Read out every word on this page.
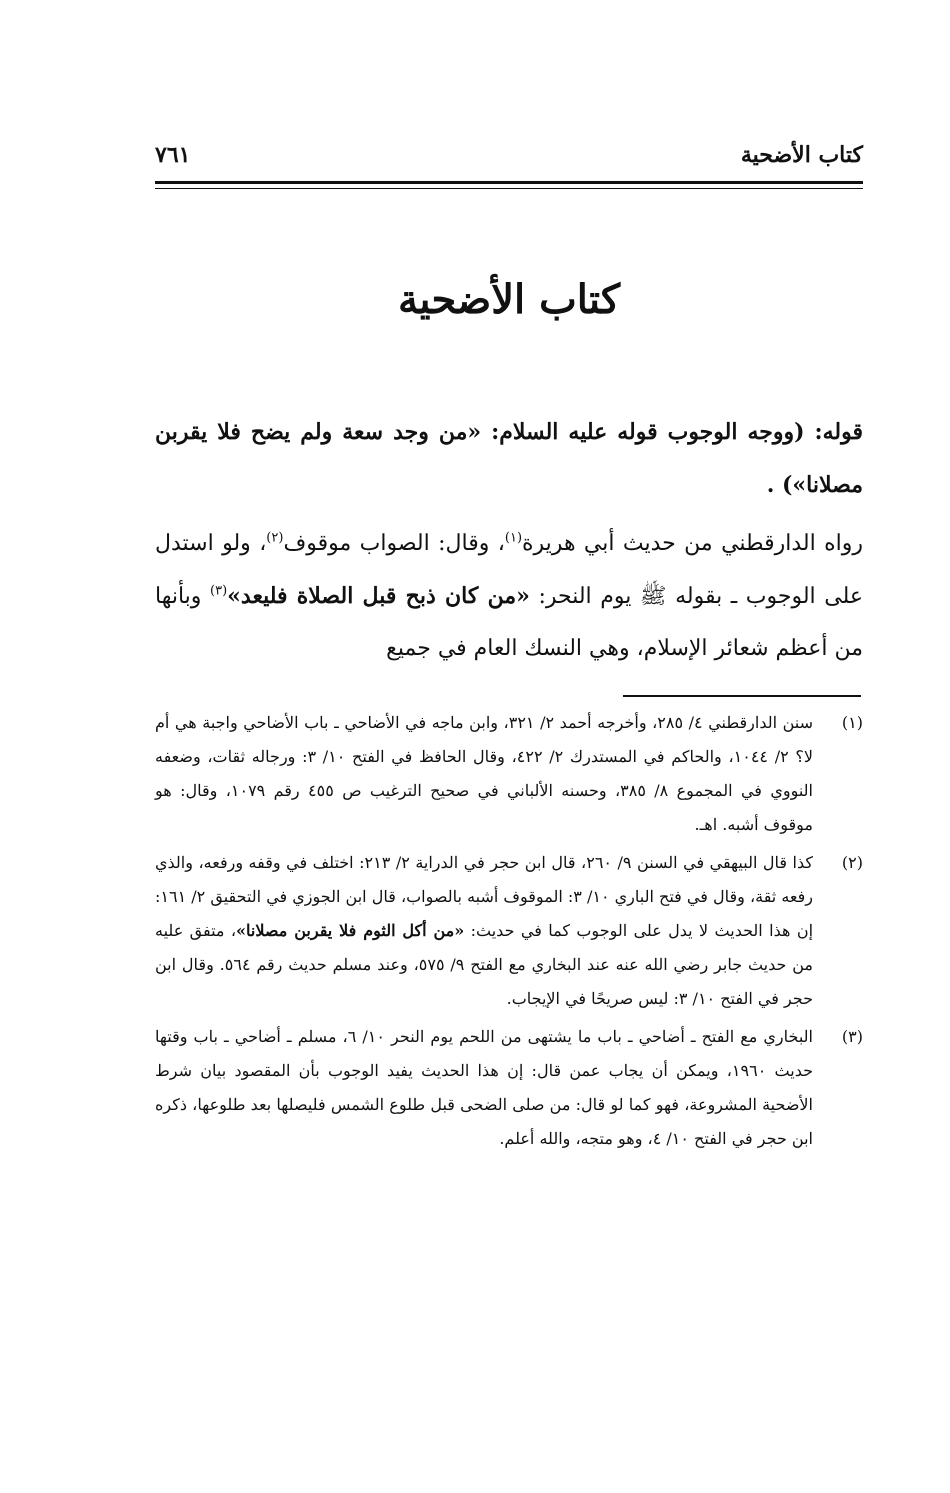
كتاب الأضحية
٧٦١
كتاب الأضحية

قوله: (ووجه الوجوب قوله عليه السلام: «من وجد سعة ولم يضح فلا يقربن مصلانا») .

رواه الدارقطني من حديث أبي هريرة$^{(١)}$، وقال: الصواب موقوف$^{(٢)}$، ولو استدل على الوجوب ـ بقوله ﷺ يوم النحر: «من كان ذبح قبل الصلاة فليعد»$^{(٣)}$ وبأنها من أعظم شعائر الإسلام، وهي النسك العام في جميع

(١)
سنن الدارقطني ٤/ ٢٨٥، وأخرجه أحمد ٢/ ٣٢١، وابن ماجه في الأضاحي ـ باب الأضاحي واجبة هي أم لا؟ ٢/ ١٠٤٤، والحاكم في المستدرك ٢/ ٤٢٢، وقال الحافظ في الفتح ١٠/ ٣: ورجاله ثقات، وضعفه النووي في المجموع ٨/ ٣٨٥، وحسنه الألباني في صحيح الترغيب ص ٤٥٥ رقم ١٠٧٩، وقال: هو موقوف أشبه. اهـ.

(٢)
كذا قال البيهقي في السنن ٩/ ٢٦٠، قال ابن حجر في الدراية ٢/ ٢١٣: اختلف في وقفه ورفعه، والذي رفعه ثقة، وقال في فتح الباري ١٠/ ٣: الموقوف أشبه بالصواب، قال ابن الجوزي في التحقيق ٢/ ١٦١: إن هذا الحديث لا يدل على الوجوب كما في حديث: «من أكل الثوم فلا يقربن مصلانا»، متفق عليه من حديث جابر رضي الله عنه عند البخاري مع الفتح ٩/ ٥٧٥، وعند مسلم حديث رقم ٥٦٤. وقال ابن حجر في الفتح ١٠/ ٣: ليس صريحًا في الإيجاب.

(٣)
البخاري مع الفتح ـ أضاحي ـ باب ما يشتهى من اللحم يوم النحر ١٠/ ٦، مسلم ـ أضاحي ـ باب وقتها حديث ١٩٦٠، ويمكن أن يجاب عمن قال: إن هذا الحديث يفيد الوجوب بأن المقصود بيان شرط الأضحية المشروعة، فهو كما لو قال: من صلى الضحى قبل طلوع الشمس فليصلها بعد طلوعها، ذكره ابن حجر في الفتح ١٠/ ٤، وهو متجه، والله أعلم.
